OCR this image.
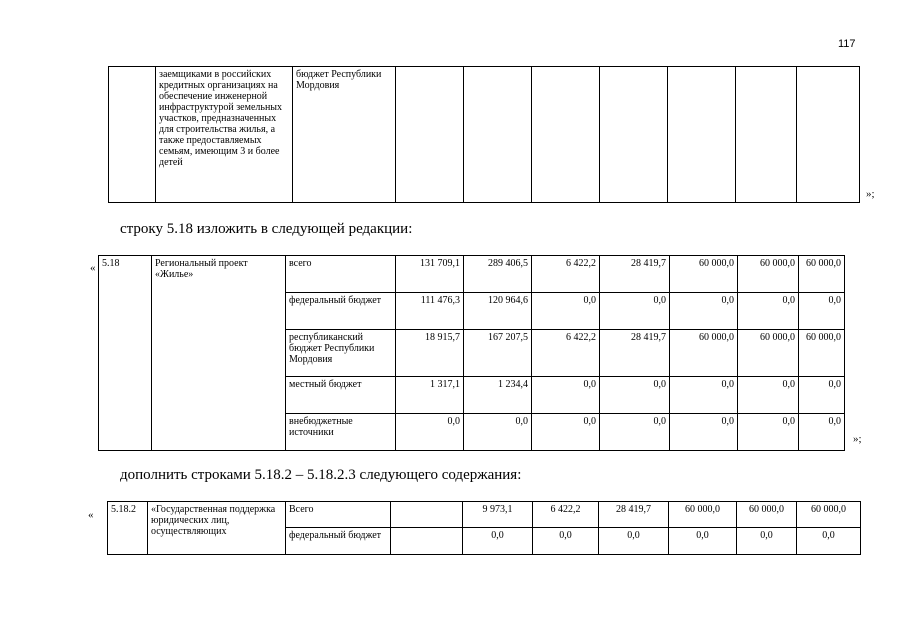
117
	заемщиками в российских кредитных организациях на обеспечение инженерной инфраструктурой земельных участков, предназначенных для строительства жилья, а также предоставляемых семьям, имеющим 3 и более детей	бюджет Республики Мордовия							
»;
строку 5.18 изложить в следующей редакции:
« 5.18	Региональный проект «Жилье»	всего	131 709,1	289 406,5	6 422,2	28 419,7	60 000,0	60 000,0	60 000,0
		федеральный бюджет	111 476,3	120 964,6	0,0	0,0	0,0	0,0	0,0
		республиканский бюджет Республики Мордовия	18 915,7	167 207,5	6 422,2	28 419,7	60 000,0	60 000,0	60 000,0
		местный бюджет	1 317,1	1 234,4	0,0	0,0	0,0	0,0	0,0
		внебюджетные источники	0,0	0,0	0,0	0,0	0,0	0,0	0,0
»;
дополнить строками 5.18.2 – 5.18.2.3 следующего содержания:
« 5.18.2	«Государственная поддержка юридических лиц, осуществляющих	Всего		9 973,1	6 422,2	28 419,7	60 000,0	60 000,0	60 000,0
		федеральный бюджет		0,0	0,0	0,0	0,0	0,0	0,0
